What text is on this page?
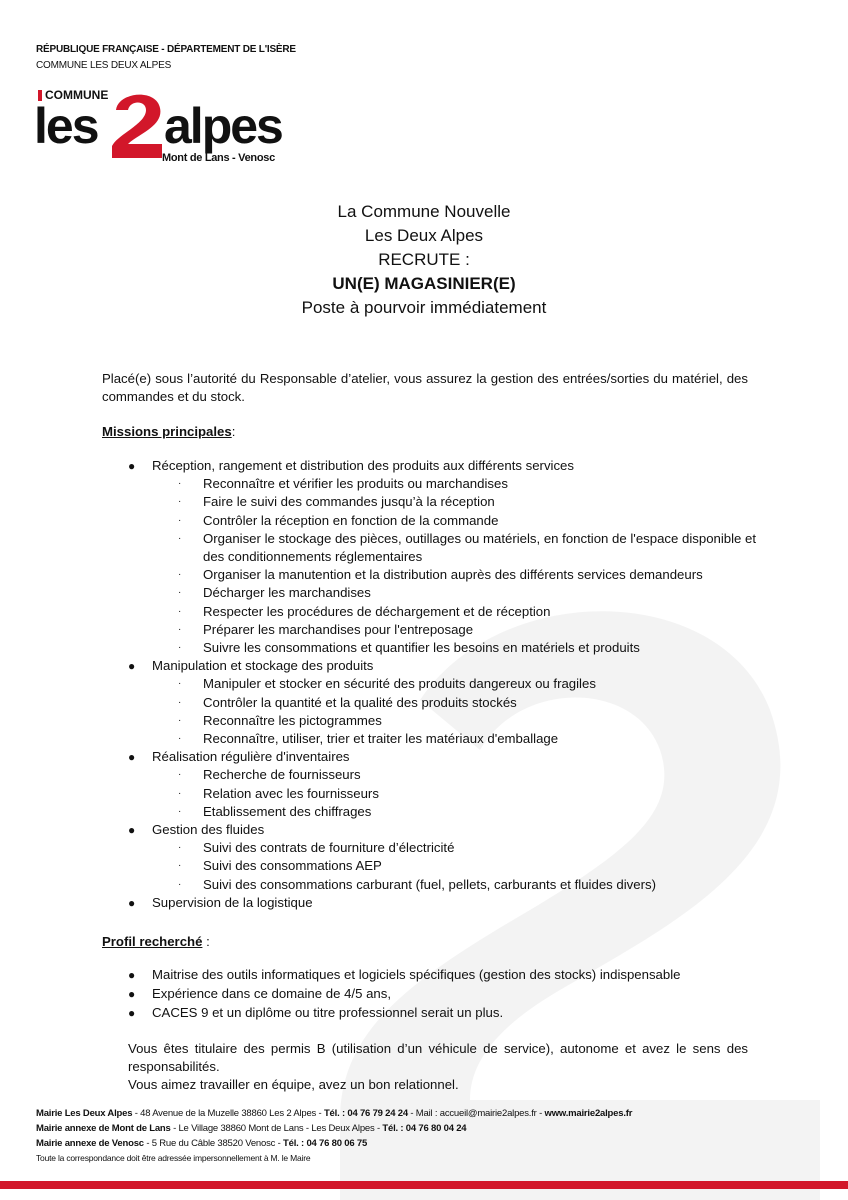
RÉPUBLIQUE FRANÇAISE - DÉPARTEMENT DE L'ISÈRE
COMMUNE LES DEUX ALPES
COMMUNE
les alpes
Mont de Lans - Venosc
La Commune Nouvelle
Les Deux Alpes
RECRUTE :
UN(E) MAGASINIER(E)
Poste à pourvoir immédiatement
Placé(e) sous l’autorité du Responsable d’atelier, vous assurez la gestion des entrées/sorties du matériel, des commandes et du stock.
Missions principales:
● Réception, rangement et distribution des produits aux différents services
· Reconnaître et vérifier les produits ou marchandises
· Faire le suivi des commandes jusqu’à la réception
· Contrôler la réception en fonction de la commande
· Organiser le stockage des pièces, outillages ou matériels, en fonction de l'espace disponible et des conditionnements réglementaires
· Organiser la manutention et la distribution auprès des différents services demandeurs
· Décharger les marchandises
· Respecter les procédures de déchargement et de réception
· Préparer les marchandises pour l'entreposage
· Suivre les consommations et quantifier les besoins en matériels et produits
● Manipulation et stockage des produits
· Manipuler et stocker en sécurité des produits dangereux ou fragiles
· Contrôler la quantité et la qualité des produits stockés
· Reconnaître les pictogrammes
· Reconnaître, utiliser, trier et traiter les matériaux d'emballage
● Réalisation régulière d'inventaires
· Recherche de fournisseurs
· Relation avec les fournisseurs
· Etablissement des chiffrages
● Gestion des fluides
· Suivi des contrats de fourniture d’électricité
· Suivi des consommations AEP
· Suivi des consommations carburant (fuel, pellets, carburants et fluides divers)
● Supervision de la logistique
Profil recherché :
● Maitrise des outils informatiques et logiciels spécifiques (gestion des stocks) indispensable
● Expérience dans ce domaine de 4/5 ans,
● CACES 9 et un diplôme ou titre professionnel serait un plus.
Vous êtes titulaire des permis B (utilisation d’un véhicule de service), autonome et avez le sens des responsabilités.
Vous aimez travailler en équipe, avez un bon relationnel.
Mairie Les Deux Alpes - 48 Avenue de la Muzelle 38860 Les 2 Alpes - Tél. : 04 76 79 24 24 - Mail : accueil@mairie2alpes.fr - www.mairie2alpes.fr
Mairie annexe de Mont de Lans - Le Village 38860 Mont de Lans - Les Deux Alpes - Tél. : 04 76 80 04 24
Mairie annexe de Venosc - 5 Rue du Câble 38520 Venosc - Tél. : 04 76 80 06 75
Toute la correspondance doit être adressée impersonnellement à M. le Maire
